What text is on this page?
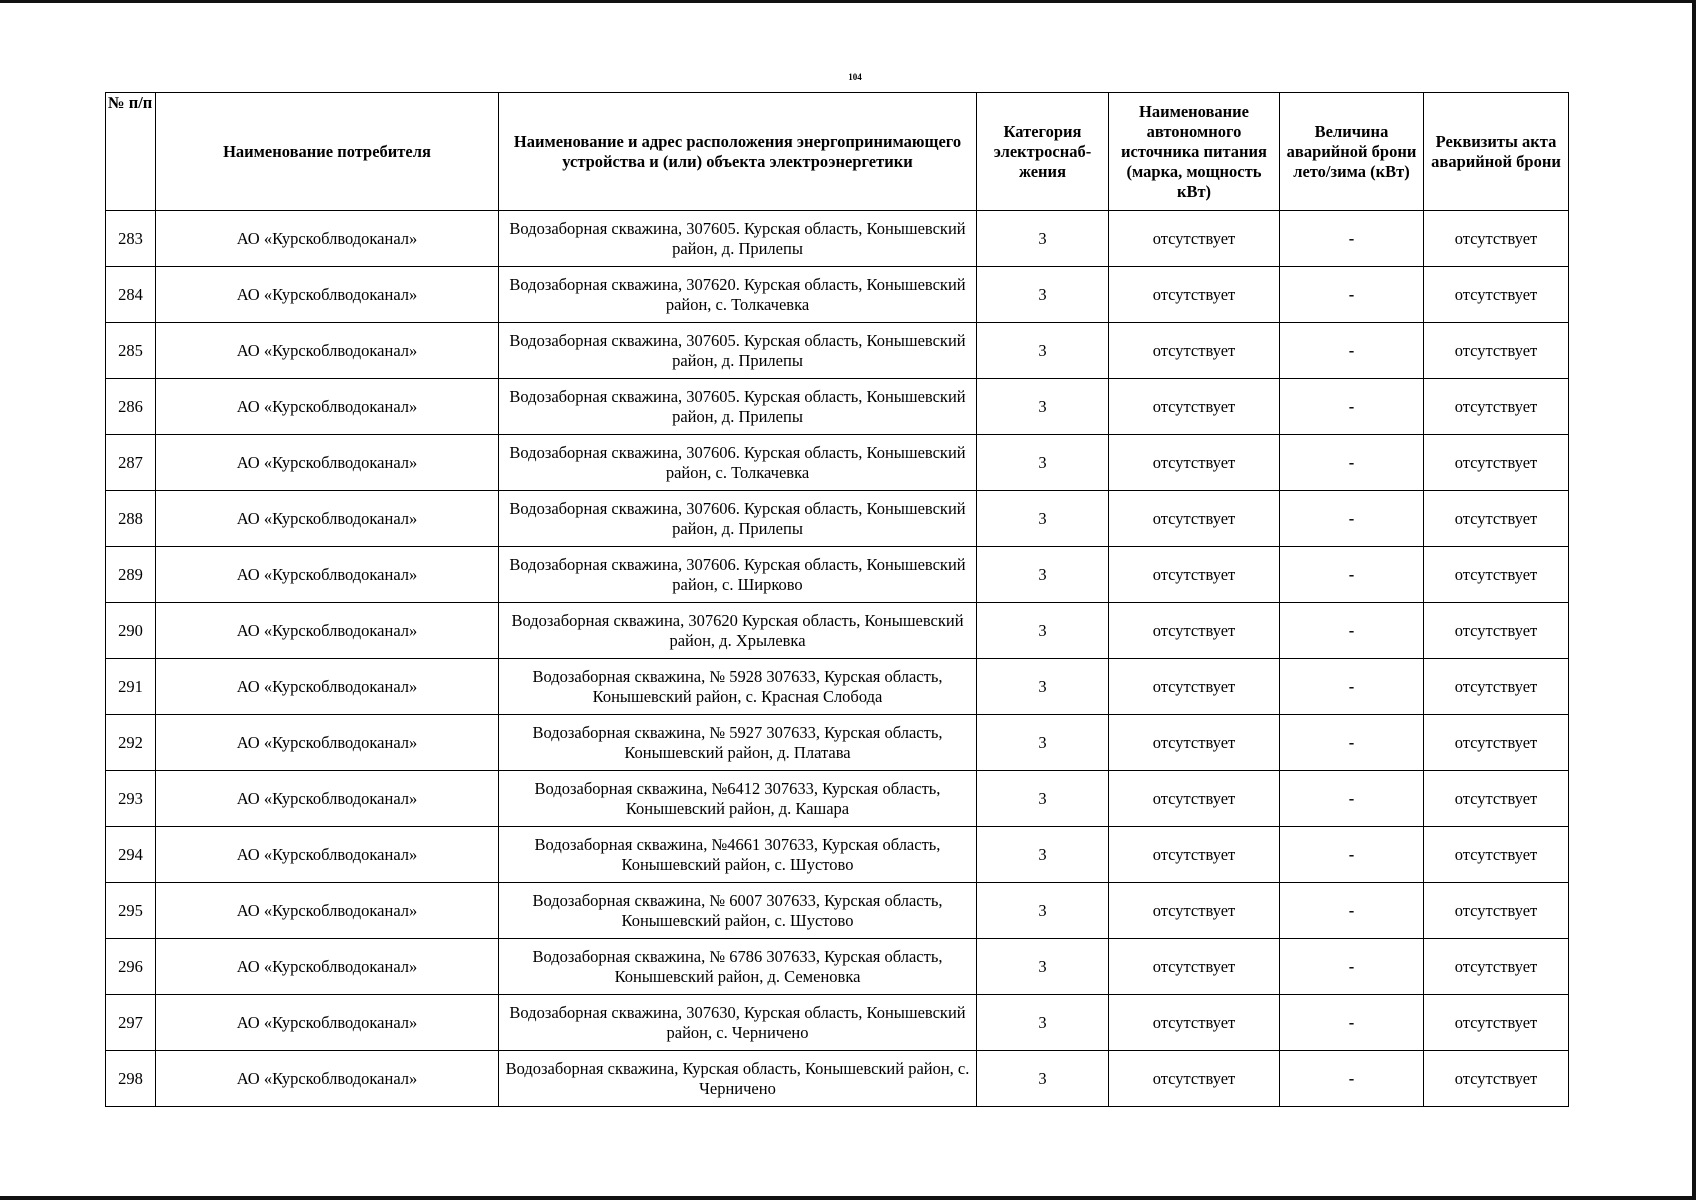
104
№ п/п	Наименование потребителя	Наименование и адрес расположения энергопринимающего устройства и (или) объекта электроэнергетики	Категория электроснаб-жения	Наименование автономного источника питания (марка, мощность кВт)	Величина аварийной брони лето/зима (кВт)	Реквизиты акта аварийной брони
283	АО «Курскоблводоканал»	Водозаборная скважина, 307605. Курская область, Конышевский район, д. Прилепы	3	отсутствует	-	отсутствует
284	АО «Курскоблводоканал»	Водозаборная скважина, 307620. Курская область, Конышевский район, с. Толкачевка	3	отсутствует	-	отсутствует
285	АО «Курскоблводоканал»	Водозаборная скважина, 307605. Курская область, Конышевский район, д. Прилепы	3	отсутствует	-	отсутствует
286	АО «Курскоблводоканал»	Водозаборная скважина, 307605. Курская область, Конышевский район, д. Прилепы	3	отсутствует	-	отсутствует
287	АО «Курскоблводоканал»	Водозаборная скважина, 307606. Курская область, Конышевский район, с. Толкачевка	3	отсутствует	-	отсутствует
288	АО «Курскоблводоканал»	Водозаборная скважина, 307606. Курская область, Конышевский район, д. Прилепы	3	отсутствует	-	отсутствует
289	АО «Курскоблводоканал»	Водозаборная скважина, 307606. Курская область, Конышевский район, с. Ширково	3	отсутствует	-	отсутствует
290	АО «Курскоблводоканал»	Водозаборная скважина, 307620 Курская область, Конышевский район, д. Хрылевка	3	отсутствует	-	отсутствует
291	АО «Курскоблводоканал»	Водозаборная скважина, № 5928 307633, Курская область, Конышевский район, с. Красная Слобода	3	отсутствует	-	отсутствует
292	АО «Курскоблводоканал»	Водозаборная скважина, № 5927 307633, Курская область, Конышевский район, д. Платава	3	отсутствует	-	отсутствует
293	АО «Курскоблводоканал»	Водозаборная скважина, №6412 307633, Курская область, Конышевский район, д. Кашара	3	отсутствует	-	отсутствует
294	АО «Курскоблводоканал»	Водозаборная скважина, №4661 307633, Курская область, Конышевский район, с. Шустово	3	отсутствует	-	отсутствует
295	АО «Курскоблводоканал»	Водозаборная скважина, № 6007 307633, Курская область, Конышевский район, с. Шустово	3	отсутствует	-	отсутствует
296	АО «Курскоблводоканал»	Водозаборная скважина, № 6786 307633, Курская область, Конышевский район, д. Семеновка	3	отсутствует	-	отсутствует
297	АО «Курскоблводоканал»	Водозаборная скважина, 307630, Курская область, Конышевский район, с. Черничено	3	отсутствует	-	отсутствует
298	АО «Курскоблводоканал»	Водозаборная скважина, Курская область, Конышевский район, с. Черничено	3	отсутствует	-	отсутствует
